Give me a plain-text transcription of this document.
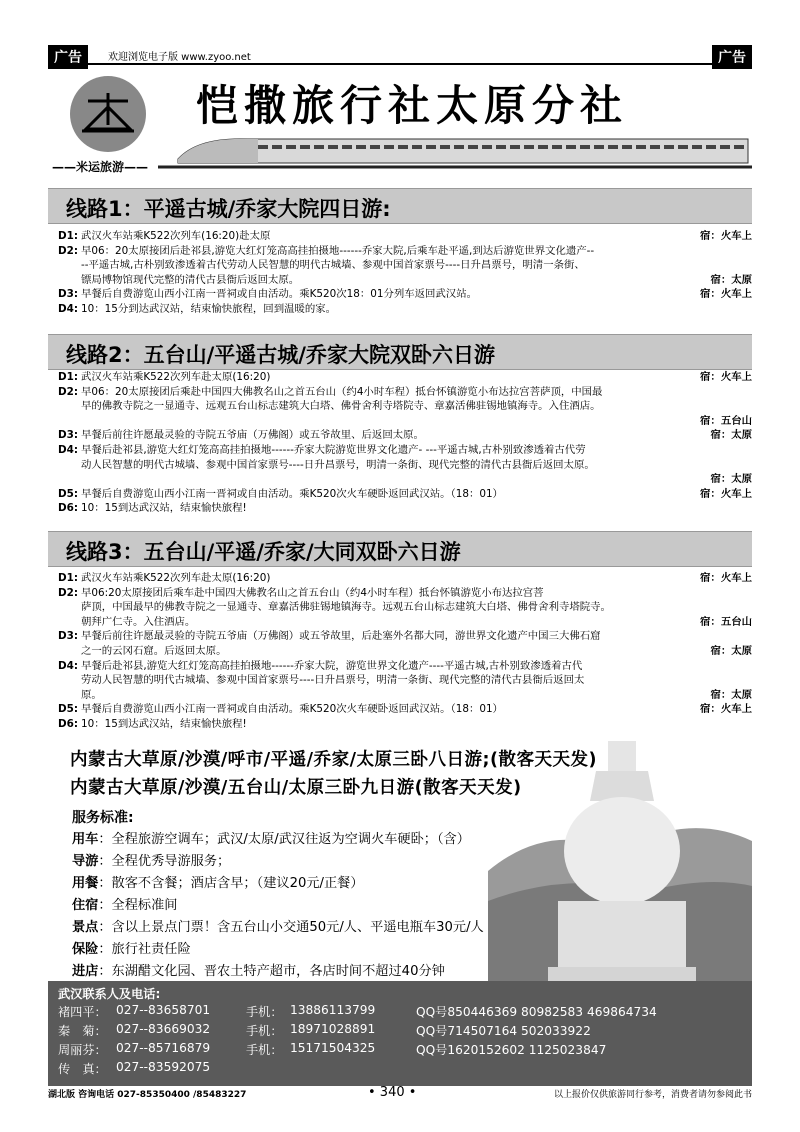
广告	欢迎浏览电子版 www.zyoo.net	广告
——米运旅游——
恺撒旅行社太原分社
线路1：平遥古城/乔家大院四日游:
D1: 武汉火车站乘K522次列车(16:20)赴太原	宿：火车上
D2: 早06：20太原接团后赴祁县,游览大红灯笼高高挂拍摄地------乔家大院,后乘车赴平遥,到达后游览世界文化遗产--
--平遥古城,古朴别致渗透着古代劳动人民智慧的明代古城墙、参观中国首家票号----日升昌票号，明清一条街、
镖局博物馆现代完整的清代古县衙后返回太原。	宿：太原
D3: 早餐后自费游览山西小江南一晋祠或自由活动。乘K520次18：01分列车返回武汉站。	宿：火车上
D4: 10：15分到达武汉站，结束愉快旅程，回到温暖的家。
线路2：五台山/平遥古城/乔家大院双卧六日游
D1: 武汉火车站乘K522次列车赴太原(16:20)	宿：火车上
D2: 早06：20太原接团后乘赴中国四大佛教名山之首五台山（约4小时车程）抵台怀镇游览小布达拉宫菩萨顶，中国最
早的佛教寺院之一显通寺、远观五台山标志建筑大白塔、佛骨舍利寺塔院寺、章嘉活佛驻锡地镇海寺。入住酒店。
宿：五台山
D3: 早餐后前往许愿最灵验的寺院五爷庙（万佛阁）或五爷故里、后返回太原。	宿：太原
D4: 早餐后赴祁县,游览大红灯笼高高挂拍摄地------乔家大院游览世界文化遗产- ---平遥古城,古朴别致渗透着古代劳
动人民智慧的明代古城墙、参观中国首家票号----日升昌票号，明清一条街、现代完整的清代古县衙后返回太原。
宿：太原
D5: 早餐后自费游览山西小江南一晋祠或自由活动。乘K520次火车硬卧返回武汉站。（18：01）	宿：火车上
D6: 10：15到达武汉站，结束愉快旅程!
线路3：五台山/平遥/乔家/大同双卧六日游
D1: 武汉火车站乘K522次列车赴太原(16:20)	宿：火车上
D2: 早06:20太原接团后乘车赴中国四大佛教名山之首五台山（约4小时车程）抵台怀镇游览小布达拉宫菩
萨顶，中国最早的佛教寺院之一显通寺、章嘉活佛驻锡地镇海寺。远观五台山标志建筑大白塔、佛骨舍利寺塔院寺。
朝拜广仁寺。入住酒店。	宿：五台山
D3: 早餐后前往许愿最灵验的寺院五爷庙（万佛阁）或五爷故里，后赴塞外名都大同，游世界文化遗产中国三大佛石窟
之一的云冈石窟。后返回太原。	宿：太原
D4: 早餐后赴祁县,游览大红灯笼高高挂拍摄地------乔家大院，游览世界文化遗产----平遥古城,古朴别致渗透着古代
劳动人民智慧的明代古城墙、参观中国首家票号----日升昌票号，明清一条街、现代完整的清代古县衙后返回太
原。	宿：太原
D5: 早餐后自费游览山西小江南一晋祠或自由活动。乘K520次火车硬卧返回武汉站。（18：01）	宿：火车上
D6: 10：15到达武汉站，结束愉快旅程!
内蒙古大草原/沙漠/呼市/平遥/乔家/太原三卧八日游;(散客天天发)
内蒙古大草原/沙漠/五台山/太原三卧九日游(散客天天发)
服务标准:
用车：全程旅游空调车；武汉/太原/武汉往返为空调火车硬卧；（含）
导游：全程优秀导游服务；
用餐：散客不含餐；酒店含早；（建议20元/正餐）
住宿：全程标准间
景点：含以上景点门票！含五台山小交通50元/人、平遥电瓶车30元/人
保险：旅行社责任险
进店：东湖醋文化园、晋农土特产超市，各店时间不超过40分钟
武汉联系人及电话:
褚四平： 027--83658701	手机： 13886113799	QQ号850446369 80982583 469864734
秦　菊： 027--83669032	手机： 18971028891	QQ号714507164 502033922
周丽芬： 027--85716879	手机： 15171504325	QQ号1620152602 1125023847
传　真： 027--83592075
湖北版 咨询电话 027-85350400 /85483227	• 340 •	以上报价仅供旅游同行参考，消费者请勿参阅此书
